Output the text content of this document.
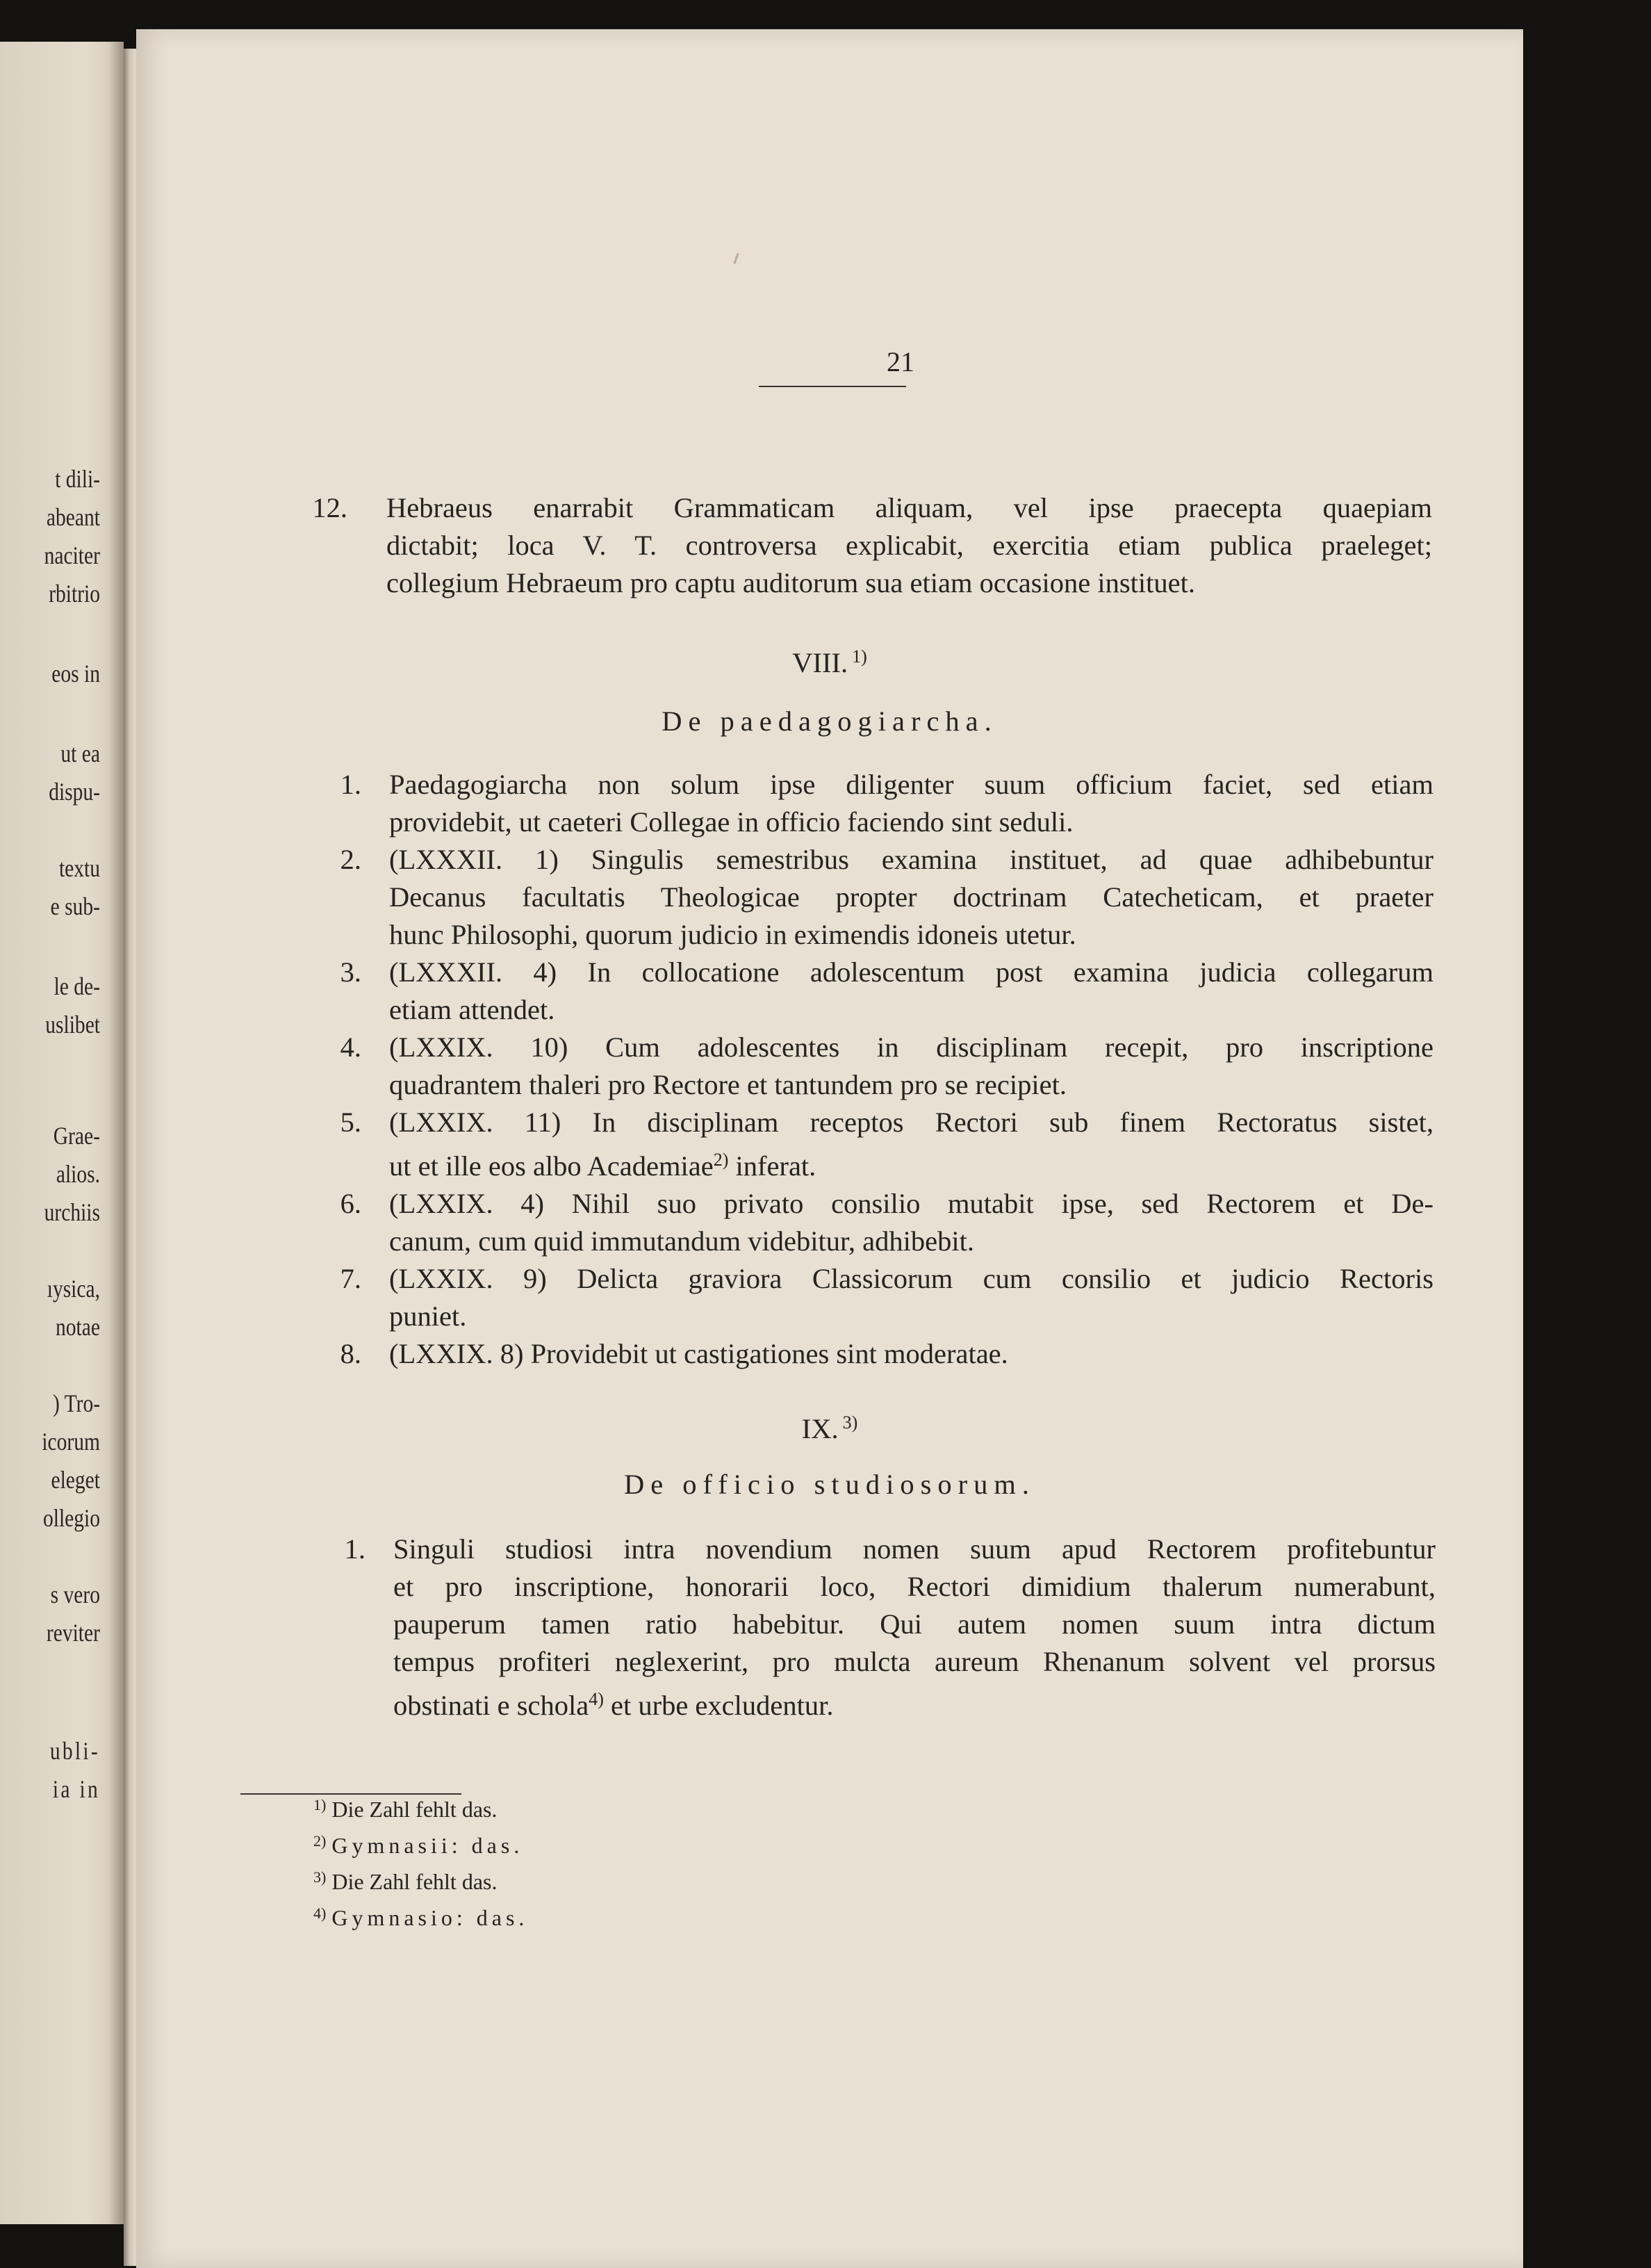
t dili-
abeant
naciter
rbitrio
eos in
ut ea
dispu-
textu
e sub-
le de-
uslibet
Grae-
alios.
urchiis
ıysica,
notae
) Tro-
icorum
eleget
ollegio
s vero
reviter
ubli-
ia in
21
12. Hebraeus enarrabit Grammaticam aliquam, vel ipse praecepta quaepiam
dictabit; loca V. T. controversa explicabit, exercitia etiam publica praeleget;
collegium Hebraeum pro captu auditorum sua etiam occasione instituet.
VIII. $^{1)}$
De paedagogiarcha.
1. Paedagogiarcha non solum ipse diligenter suum officium faciet, sed etiam
providebit, ut caeteri Collegae in officio faciendo sint seduli.
2. (LXXXII. 1) Singulis semestribus examina instituet, ad quae adhibebuntur
Decanus facultatis Theologicae propter doctrinam Catecheticam, et praeter
hunc Philosophi, quorum judicio in eximendis idoneis utetur.
3. (LXXXII. 4) In collocatione adolescentum post examina judicia collegarum
etiam attendet.
4. (LXXIX. 10) Cum adolescentes in disciplinam recepit, pro inscriptione
quadrantem thaleri pro Rectore et tantundem pro se recipiet.
5. (LXXIX. 11) In disciplinam receptos Rectori sub finem Rectoratus sistet,
ut et ille eos albo Academiae$^{2)}$ inferat.
6. (LXXIX. 4) Nihil suo privato consilio mutabit ipse, sed Rectorem et De-
canum, cum quid immutandum videbitur, adhibebit.
7. (LXXIX. 9) Delicta graviora Classicorum cum consilio et judicio Rectoris
puniet.
8. (LXXIX. 8) Providebit ut castigationes sint moderatae.
IX. $^{3)}$
De officio studiosorum.
1. Singuli studiosi intra novendium nomen suum apud Rectorem profitebuntur
et pro inscriptione, honorarii loco, Rectori dimidium thalerum numerabunt,
pauperum tamen ratio habebitur. Qui autem nomen suum intra dictum
tempus profiteri neglexerint, pro mulcta aureum Rhenanum solvent vel prorsus
obstinati e schola$^{4)}$ et urbe excludentur.
$^{1)}$ Die Zahl fehlt das.
$^{2)}$ Gymnasii: das.
$^{3)}$ Die Zahl fehlt das.
$^{4)}$ Gymnasio: das.
